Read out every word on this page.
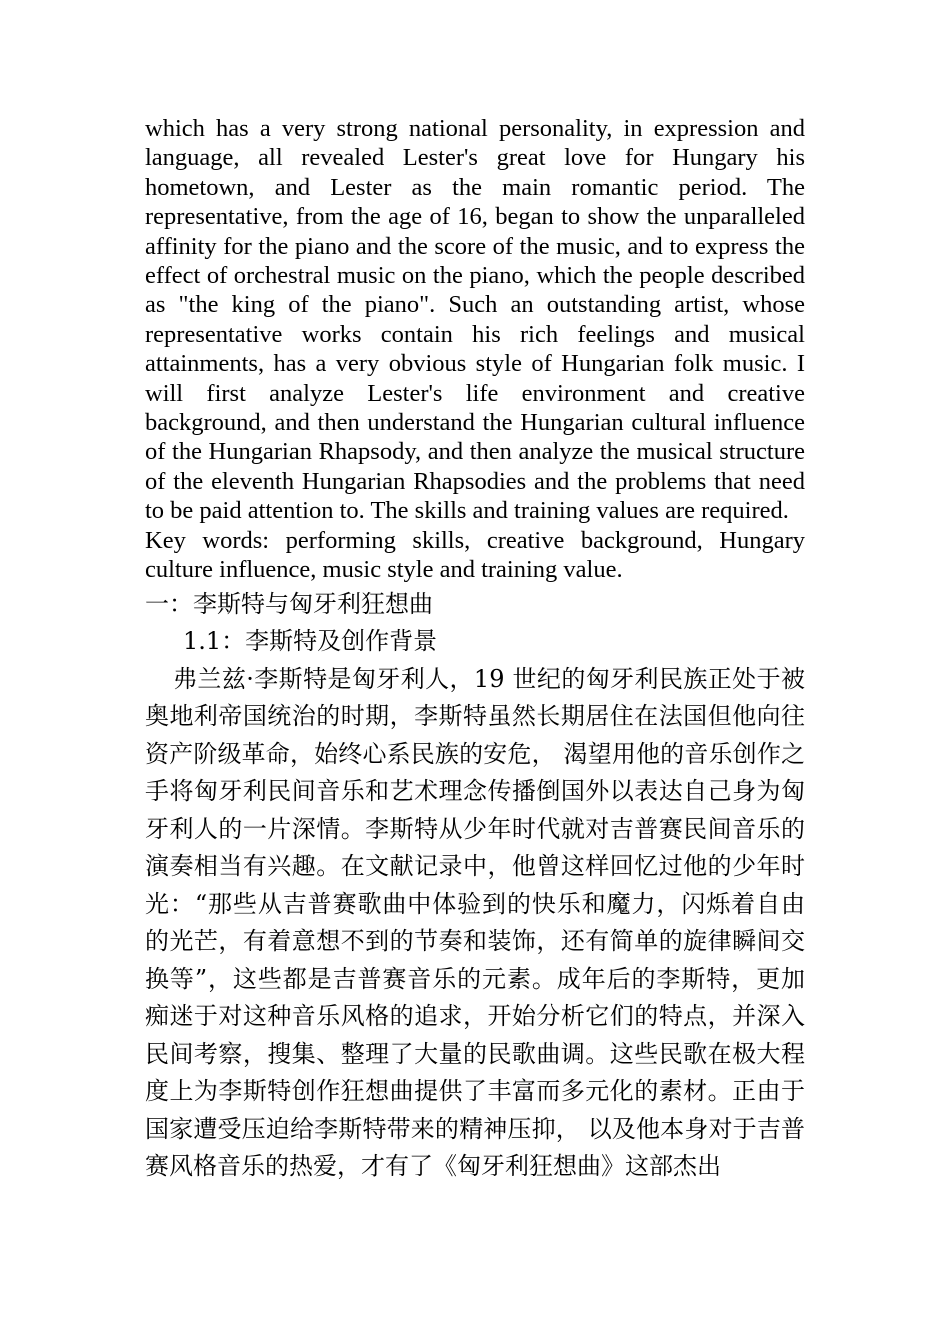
which has a very strong national personality, in expression and language, all revealed Lester's great love for Hungary his hometown, and Lester as the main romantic period. The representative, from the age of 16, began to show the unparalleled affinity for the piano and the score of the music, and to express the effect of orchestral music on the piano, which the people described as "the king of the piano". Such an outstanding artist, whose representative works contain his rich feelings and musical attainments, has a very obvious style of Hungarian folk music. I will first analyze Lester's life environment and creative background, and then understand the Hungarian cultural influence of the Hungarian Rhapsody, and then analyze the musical structure of the eleventh Hungarian Rhapsodies and the problems that need to be paid attention to. The skills and training values are required.

Key words: performing skills, creative background, Hungary culture influence, music style and training value.

一：李斯特与匈牙利狂想曲

1.1：李斯特及创作背景

弗兰兹·李斯特是匈牙利人，19 世纪的匈牙利民族正处于被奥地利帝国统治的时期，李斯特虽然长期居住在法国但他向往资产阶级革命，始终心系民族的安危， 渴望用他的音乐创作之手将匈牙利民间音乐和艺术理念传播倒国外以表达自己身为匈牙利人的一片深情。李斯特从少年时代就对吉普赛民间音乐的演奏相当有兴趣。在文献记录中，他曾这样回忆过他的少年时光：“那些从吉普赛歌曲中体验到的快乐和魔力，闪烁着自由的光芒，有着意想不到的节奏和装饰，还有简单的旋律瞬间交换等”，这些都是吉普赛音乐的元素。成年后的李斯特，更加痴迷于对这种音乐风格的追求，开始分析它们的特点，并深入民间考察，搜集、整理了大量的民歌曲调。这些民歌在极大程度上为李斯特创作狂想曲提供了丰富而多元化的素材。正由于国家遭受压迫给李斯特带来的精神压抑， 以及他本身对于吉普赛风格音乐的热爱，才有了《匈牙利狂想曲》这部杰出
